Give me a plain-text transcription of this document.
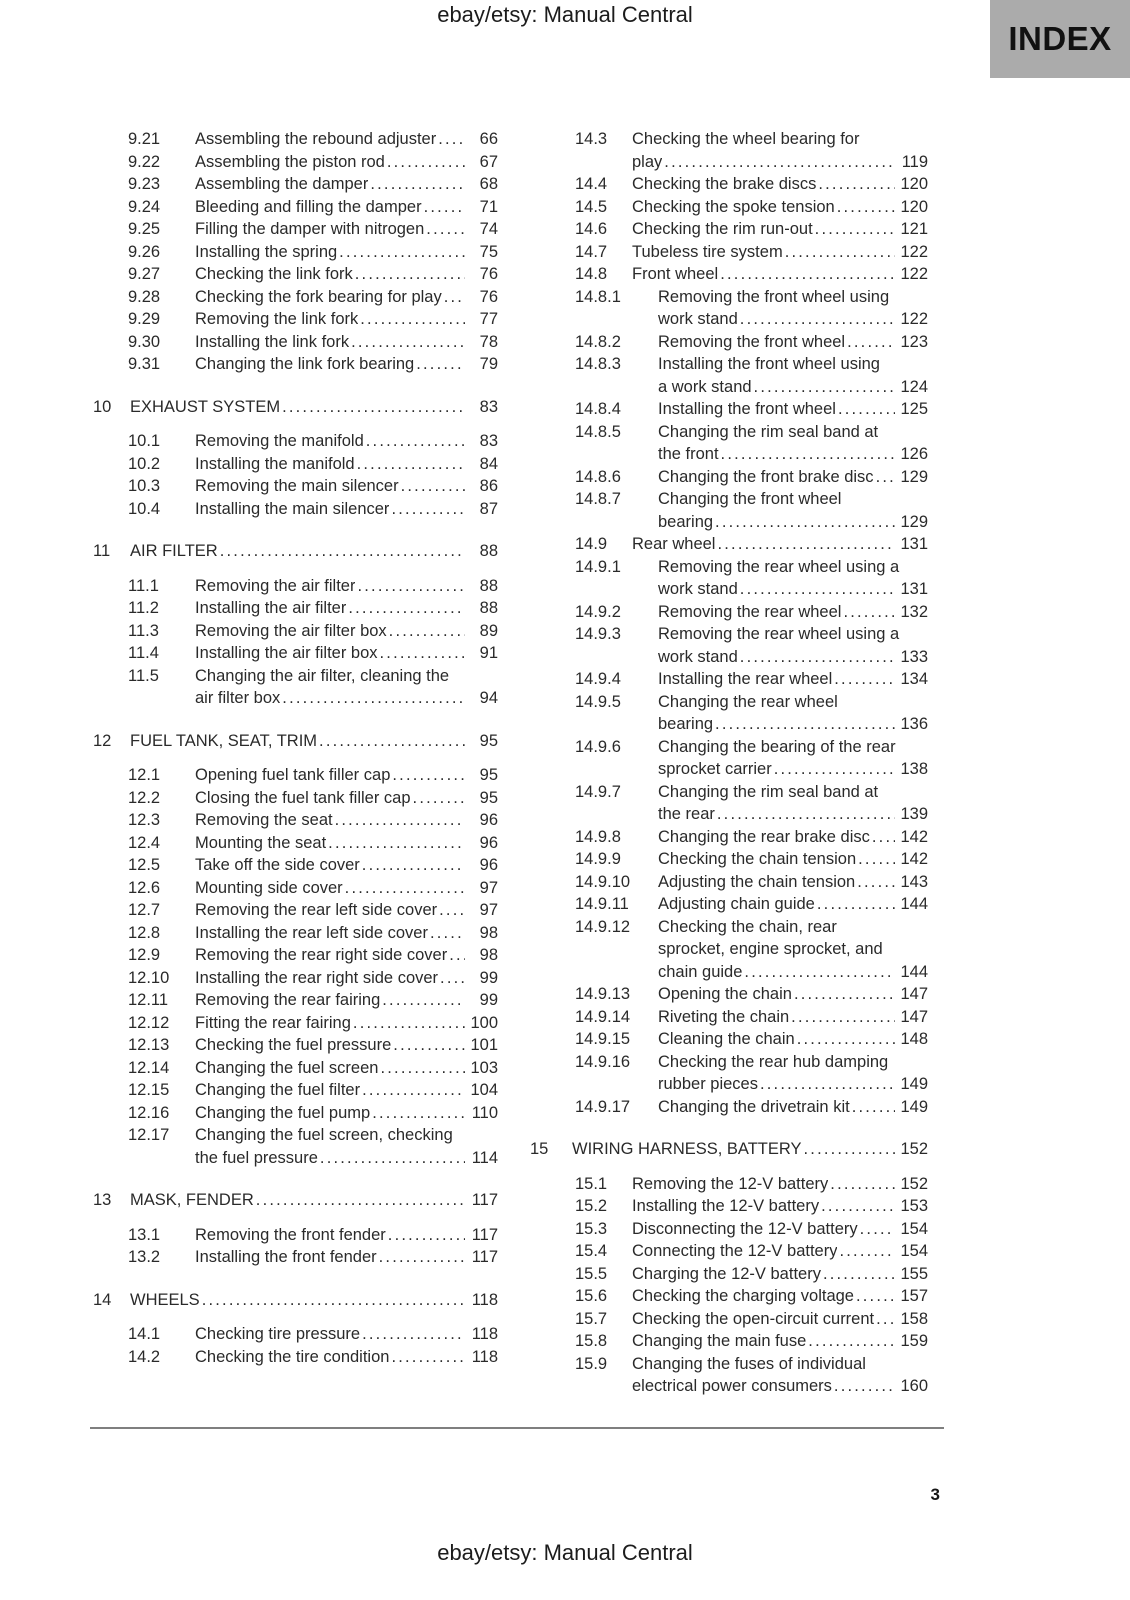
ebay/etsy: Manual Central
INDEX
9.21	Assembling the rebound adjuster .....	66
9.22	Assembling the piston rod .....	67
9.23	Assembling the damper .....	68
9.24	Bleeding and filling the damper .....	71
9.25	Filling the damper with nitrogen .....	74
9.26	Installing the spring .....	75
9.27	Checking the link fork .....	76
9.28	Checking the fork bearing for play .....	76
9.29	Removing the link fork .....	77
9.30	Installing the link fork .....	78
9.31	Changing the link fork bearing .....	79
10	EXHAUST SYSTEM .....	83
10.1	Removing the manifold .....	83
10.2	Installing the manifold .....	84
10.3	Removing the main silencer .....	86
10.4	Installing the main silencer .....	87
11	AIR FILTER .....	88
11.1	Removing the air filter .....	88
11.2	Installing the air filter .....	88
11.3	Removing the air filter box .....	89
11.4	Installing the air filter box .....	91
11.5	Changing the air filter, cleaning the
air filter box .....	94
12	FUEL TANK, SEAT, TRIM .....	95
12.1	Opening fuel tank filler cap .....	95
12.2	Closing the fuel tank filler cap .....	95
12.3	Removing the seat .....	96
12.4	Mounting the seat .....	96
12.5	Take off the side cover .....	96
12.6	Mounting side cover .....	97
12.7	Removing the rear left side cover .....	97
12.8	Installing the rear left side cover .....	98
12.9	Removing the rear right side cover .....	98
12.10	Installing the rear right side cover .....	99
12.11	Removing the rear fairing .....	99
12.12	Fitting the rear fairing .....	100
12.13	Checking the fuel pressure .....	101
12.14	Changing the fuel screen .....	103
12.15	Changing the fuel filter .....	104
12.16	Changing the fuel pump .....	110
12.17	Changing the fuel screen, checking
the fuel pressure .....	114
13	MASK, FENDER .....	117
13.1	Removing the front fender .....	117
13.2	Installing the front fender .....	117
14	WHEELS .....	118
14.1	Checking tire pressure .....	118
14.2	Checking the tire condition .....	118
14.3	Checking the wheel bearing for
play .....	119
14.4	Checking the brake discs .....	120
14.5	Checking the spoke tension .....	120
14.6	Checking the rim run-out .....	121
14.7	Tubeless tire system .....	122
14.8	Front wheel .....	122
14.8.1	Removing the front wheel using
work stand .....	122
14.8.2	Removing the front wheel .....	123
14.8.3	Installing the front wheel using
a work stand .....	124
14.8.4	Installing the front wheel .....	125
14.8.5	Changing the rim seal band at
the front .....	126
14.8.6	Changing the front brake disc ..... 129
14.8.7	Changing the front wheel
bearing .....	129
14.9	Rear wheel .....	131
14.9.1	Removing the rear wheel using a
work stand .....	131
14.9.2	Removing the rear wheel .....	132
14.9.3	Removing the rear wheel using a
work stand .....	133
14.9.4	Installing the rear wheel .....	134
14.9.5	Changing the rear wheel
bearing .....	136
14.9.6	Changing the bearing of the rear
sprocket carrier .....	138
14.9.7	Changing the rim seal band at
the rear .....	139
14.9.8	Changing the rear brake disc ..... 142
14.9.9	Checking the chain tension .....	142
14.9.10	Adjusting the chain tension .....	143
14.9.11	Adjusting chain guide .....	144
14.9.12	Checking the chain, rear
sprocket, engine sprocket, and
chain guide .....	144
14.9.13	Opening the chain .....	147
14.9.14	Riveting the chain .....	147
14.9.15	Cleaning the chain .....	148
14.9.16	Checking the rear hub damping
rubber pieces .....	149
14.9.17	Changing the drivetrain kit .....	149
15	WIRING HARNESS, BATTERY .....	152
15.1	Removing the 12-V battery .....	152
15.2	Installing the 12-V battery .....	153
15.3	Disconnecting the 12-V battery .....	154
15.4	Connecting the 12-V battery .....	154
15.5	Charging the 12-V battery .....	155
15.6	Checking the charging voltage .....	157
15.7	Checking the open-circuit current ..... 158
15.8	Changing the main fuse .....	159
15.9	Changing the fuses of individual
electrical power consumers .....	160
3
ebay/etsy: Manual Central
